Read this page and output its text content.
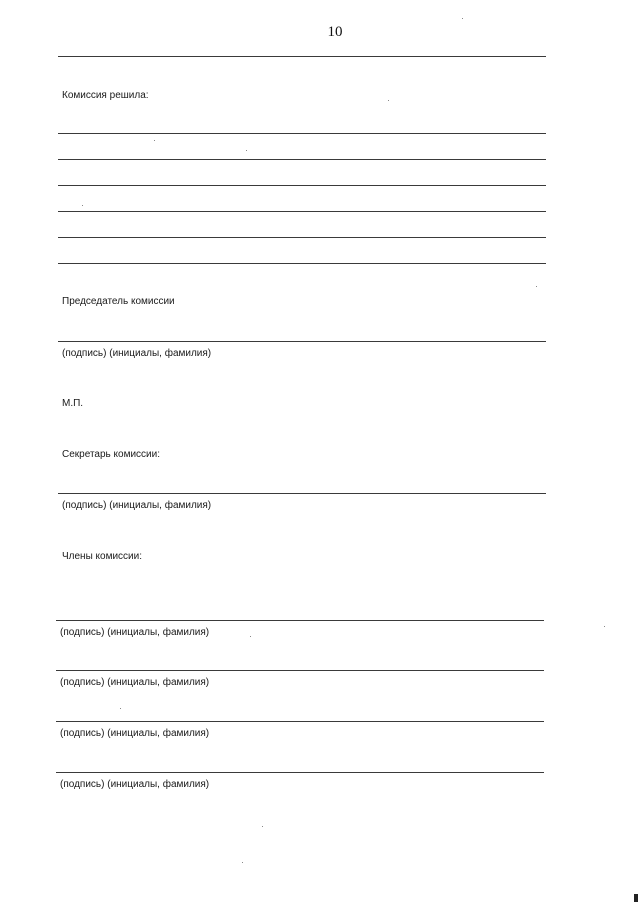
10
Комиссия решила:
Председатель комиссии
(подпись) (инициалы, фамилия)
М.П.
Секретарь комиссии:
(подпись) (инициалы, фамилия)
Члены комиссии:
(подпись) (инициалы, фамилия)
(подпись) (инициалы, фамилия)
(подпись) (инициалы, фамилия)
(подпись) (инициалы, фамилия)
